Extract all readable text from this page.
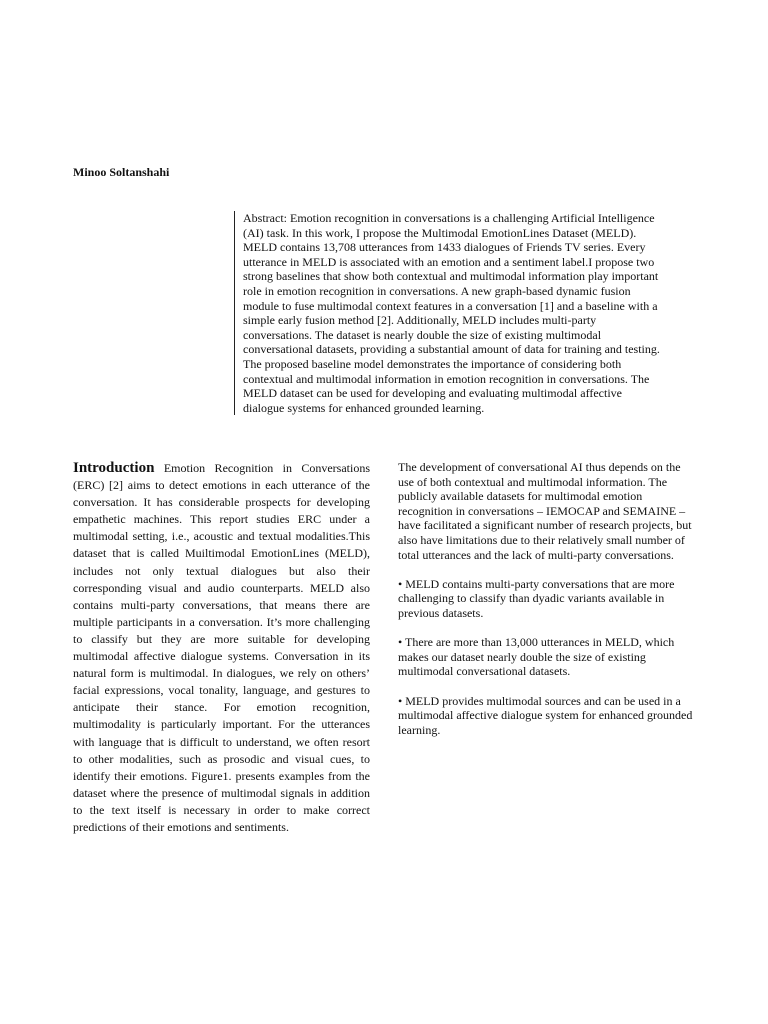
Minoo Soltanshahi
Abstract: Emotion recognition in conversations is a challenging Artificial Intelligence (AI) task. In this work, I propose the Multimodal EmotionLines Dataset (MELD). MELD contains 13,708 utterances from 1433 dialogues of Friends TV series. Every utterance in MELD is associated with an emotion and a sentiment label.I propose two strong baselines that show both contextual and multimodal information play important role in emotion recognition in conversations. A new graph-based dynamic fusion module to fuse multimodal context features in a conversation [1] and a baseline with a simple early fusion method [2]. Additionally, MELD includes multi-party conversations. The dataset is nearly double the size of existing multimodal conversational datasets, providing a substantial amount of data for training and testing. The proposed baseline model demonstrates the importance of considering both contextual and multimodal information in emotion recognition in conversations. The MELD dataset can be used for developing and evaluating multimodal affective dialogue systems for enhanced grounded learning.
Introduction Emotion Recognition in Conversations (ERC) [2] aims to detect emotions in each utterance of the conversation. It has considerable prospects for developing empathetic machines. This report studies ERC under a multimodal setting, i.e., acoustic and textual modalities.This dataset that is called Muiltimodal EmotionLines (MELD), includes not only textual dialogues but also their corresponding visual and audio counterparts. MELD also contains multi-party conversations, that means there are multiple participants in a conversation. It’s more challenging to classify but they are more suitable for developing multimodal affective dialogue systems. Conversation in its natural form is multimodal. In dialogues, we rely on others’ facial expressions, vocal tonality, language, and gestures to anticipate their stance. For emotion recognition, multimodality is particularly important. For the utterances with language that is difficult to understand, we often resort to other modalities, such as prosodic and visual cues, to identify their emotions. Figure1. presents examples from the dataset where the presence of multimodal signals in addition to the text itself is necessary in order to make correct predictions of their emotions and sentiments.

The development of conversational AI thus depends on the use of both contextual and multimodal information. The publicly available datasets for multimodal emotion recognition in conversations – IEMOCAP and SEMAINE – have facilitated a significant number of research projects, but also have limitations due to their relatively small number of total utterances and the lack of multi-party conversations.

• MELD contains multi-party conversations that are more challenging to classify than dyadic variants available in previous datasets.

• There are more than 13,000 utterances in MELD, which makes our dataset nearly double the size of existing multimodal conversational datasets.

• MELD provides multimodal sources and can be used in a multimodal affective dialogue system for enhanced grounded learning.
